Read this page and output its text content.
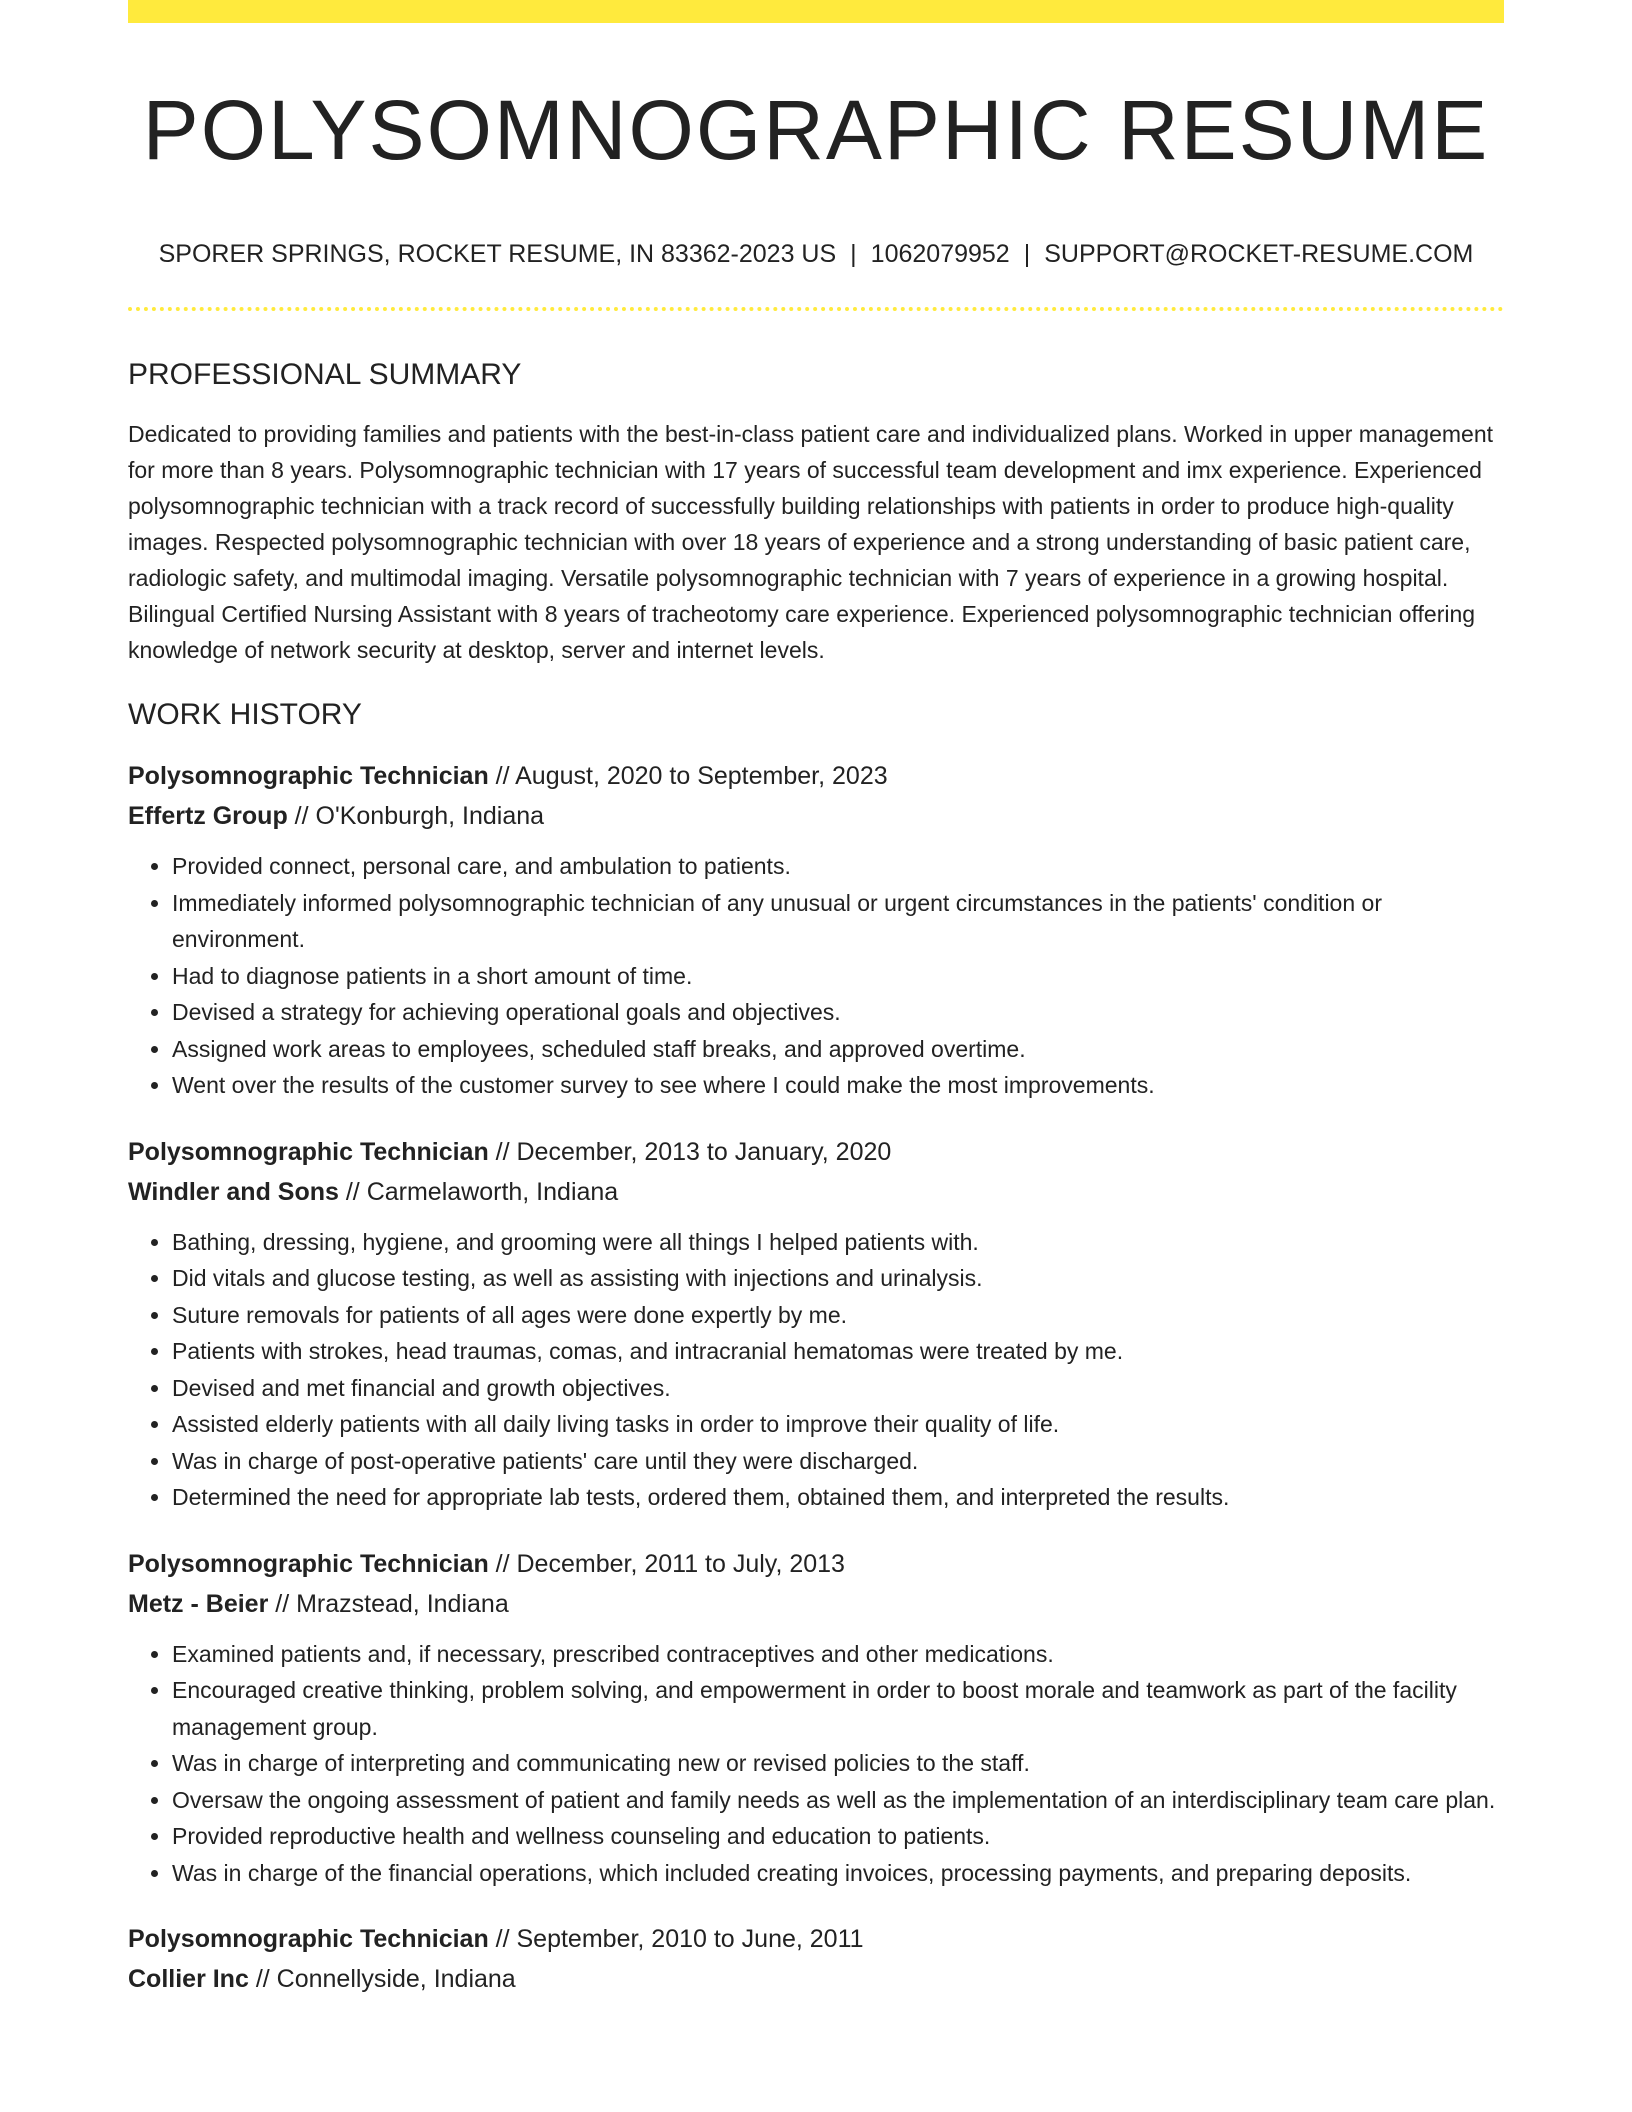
POLYSOMNOGRAPHIC RESUME
SPORER SPRINGS, ROCKET RESUME, IN 83362-2023 US | 1062079952 | SUPPORT@ROCKET-RESUME.COM
PROFESSIONAL SUMMARY

Dedicated to providing families and patients with the best-in-class patient care and individualized plans. Worked in upper management for more than 8 years. Polysomnographic technician with 17 years of successful team development and imx experience. Experienced polysomnographic technician with a track record of successfully building relationships with patients in order to produce high-quality images. Respected polysomnographic technician with over 18 years of experience and a strong understanding of basic patient care, radiologic safety, and multimodal imaging. Versatile polysomnographic technician with 7 years of experience in a growing hospital. Bilingual Certified Nursing Assistant with 8 years of tracheotomy care experience. Experienced polysomnographic technician offering knowledge of network security at desktop, server and internet levels.

WORK HISTORY
Polysomnographic Technician // August, 2020 to September, 2023
Effertz Group // O'Konburgh, Indiana
• Provided connect, personal care, and ambulation to patients.
• Immediately informed polysomnographic technician of any unusual or urgent circumstances in the patients' condition or environment.
• Had to diagnose patients in a short amount of time.
• Devised a strategy for achieving operational goals and objectives.
• Assigned work areas to employees, scheduled staff breaks, and approved overtime.
• Went over the results of the customer survey to see where I could make the most improvements.
Polysomnographic Technician // December, 2013 to January, 2020
Windler and Sons // Carmelaworth, Indiana
• Bathing, dressing, hygiene, and grooming were all things I helped patients with.
• Did vitals and glucose testing, as well as assisting with injections and urinalysis.
• Suture removals for patients of all ages were done expertly by me.
• Patients with strokes, head traumas, comas, and intracranial hematomas were treated by me.
• Devised and met financial and growth objectives.
• Assisted elderly patients with all daily living tasks in order to improve their quality of life.
• Was in charge of post-operative patients' care until they were discharged.
• Determined the need for appropriate lab tests, ordered them, obtained them, and interpreted the results.
Polysomnographic Technician // December, 2011 to July, 2013
Metz - Beier // Mrazstead, Indiana
• Examined patients and, if necessary, prescribed contraceptives and other medications.
• Encouraged creative thinking, problem solving, and empowerment in order to boost morale and teamwork as part of the facility management group.
• Was in charge of interpreting and communicating new or revised policies to the staff.
• Oversaw the ongoing assessment of patient and family needs as well as the implementation of an interdisciplinary team care plan.
• Provided reproductive health and wellness counseling and education to patients.
• Was in charge of the financial operations, which included creating invoices, processing payments, and preparing deposits.
Polysomnographic Technician // September, 2010 to June, 2011
Collier Inc // Connellyside, Indiana
